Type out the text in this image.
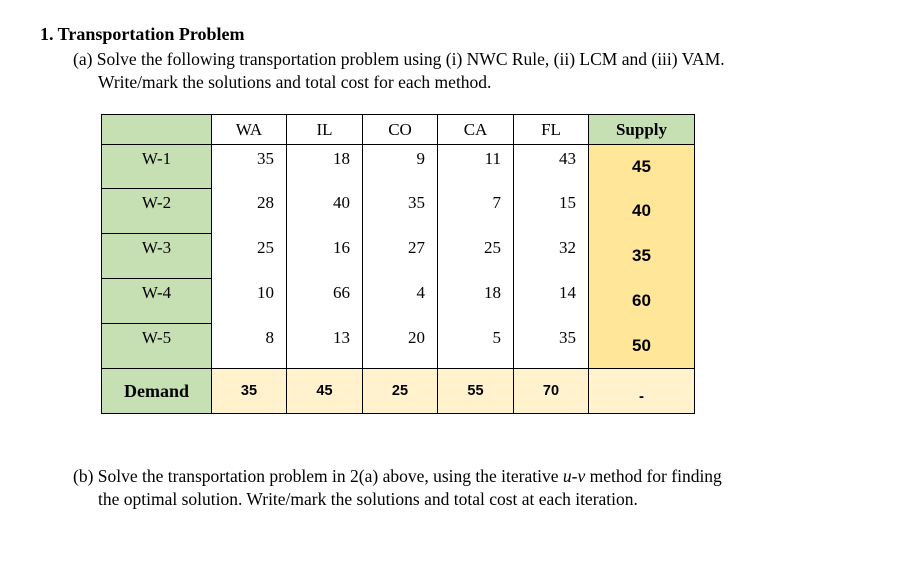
1. Transportation Problem
(a) Solve the following transportation problem using (i) NWC Rule, (ii) LCM and (iii) VAM.
Write/mark the solutions and total cost for each method.
	WA	IL	CO	CA	FL	Supply
W-1	35	18	9	11	43	45
W-2	28	40	35	7	15	40
W-3	25	16	27	25	32	35
W-4	10	66	4	18	14	60
W-5	8	13	20	5	35	50
Demand	35	45	25	55	70	-
(b) Solve the transportation problem in 2(a) above, using the iterative u-v method for finding
the optimal solution. Write/mark the solutions and total cost at each iteration.
